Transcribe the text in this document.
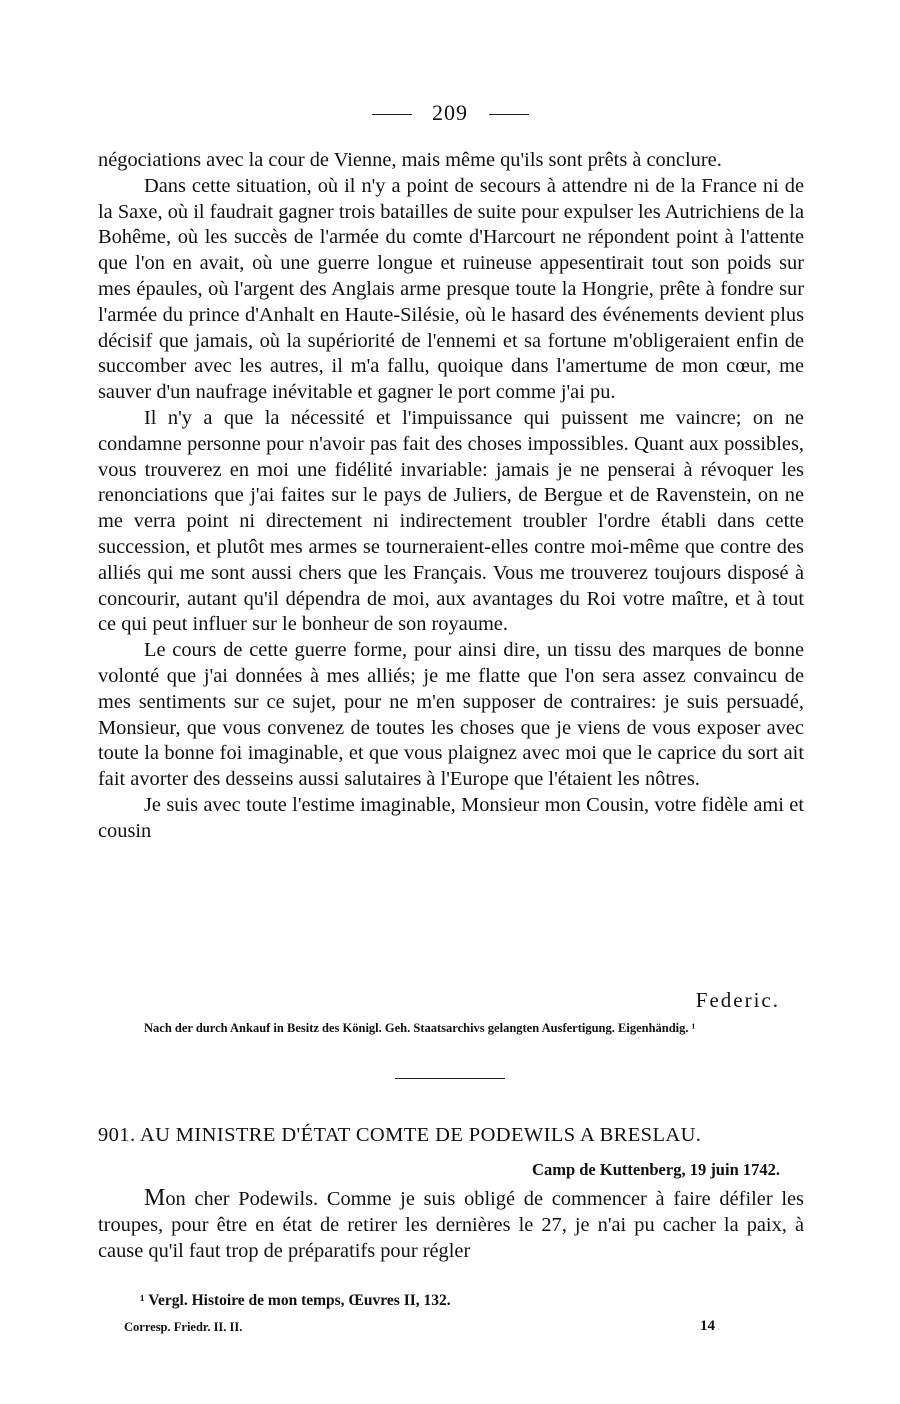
209

négociations avec la cour de Vienne, mais même qu'ils sont prêts à conclure.

Dans cette situation, où il n'y a point de secours à attendre ni de la France ni de la Saxe, où il faudrait gagner trois batailles de suite pour expulser les Autrichiens de la Bohême, où les succès de l'armée du comte d'Harcourt ne répondent point à l'attente que l'on en avait, où une guerre longue et ruineuse appesentirait tout son poids sur mes épaules, où l'argent des Anglais arme presque toute la Hongrie, prête à fondre sur l'armée du prince d'Anhalt en Haute-Silésie, où le hasard des événements devient plus décisif que jamais, où la supériorité de l'ennemi et sa fortune m'obligeraient enfin de succomber avec les autres, il m'a fallu, quoique dans l'amertume de mon cœur, me sauver d'un naufrage inévitable et gagner le port comme j'ai pu.

Il n'y a que la nécessité et l'impuissance qui puissent me vaincre; on ne condamne personne pour n'avoir pas fait des choses impossibles. Quant aux possibles, vous trouverez en moi une fidélité invariable: jamais je ne penserai à révoquer les renonciations que j'ai faites sur le pays de Juliers, de Bergue et de Ravenstein, on ne me verra point ni directement ni indirectement troubler l'ordre établi dans cette succession, et plutôt mes armes se tourneraient-elles contre moi-même que contre des alliés qui me sont aussi chers que les Français. Vous me trouverez toujours disposé à concourir, autant qu'il dépendra de moi, aux avantages du Roi votre maître, et à tout ce qui peut influer sur le bonheur de son royaume.

Le cours de cette guerre forme, pour ainsi dire, un tissu des marques de bonne volonté que j'ai données à mes alliés; je me flatte que l'on sera assez convaincu de mes sentiments sur ce sujet, pour ne m'en supposer de contraires: je suis persuadé, Monsieur, que vous convenez de toutes les choses que je viens de vous exposer avec toute la bonne foi imaginable, et que vous plaignez avec moi que le caprice du sort ait fait avorter des desseins aussi salutaires à l'Europe que l'étaient les nôtres.

Je suis avec toute l'estime imaginable, Monsieur mon Cousin, votre fidèle ami et cousin

Federic.
Nach der durch Ankauf in Besitz des Königl. Geh. Staatsarchivs gelangten Ausfertigung. Eigenhändig. ¹
901. AU MINISTRE D'ÉTAT COMTE DE PODEWILS A BRESLAU.
Camp de Kuttenberg, 19 juin 1742.

Mon cher Podewils. Comme je suis obligé de commencer à faire défiler les troupes, pour être en état de retirer les dernières le 27, je n'ai pu cacher la paix, à cause qu'il faut trop de préparatifs pour régler

¹ Vergl. Histoire de mon temps, Œuvres II, 132.
Corresp. Friedr. II. II.	14
